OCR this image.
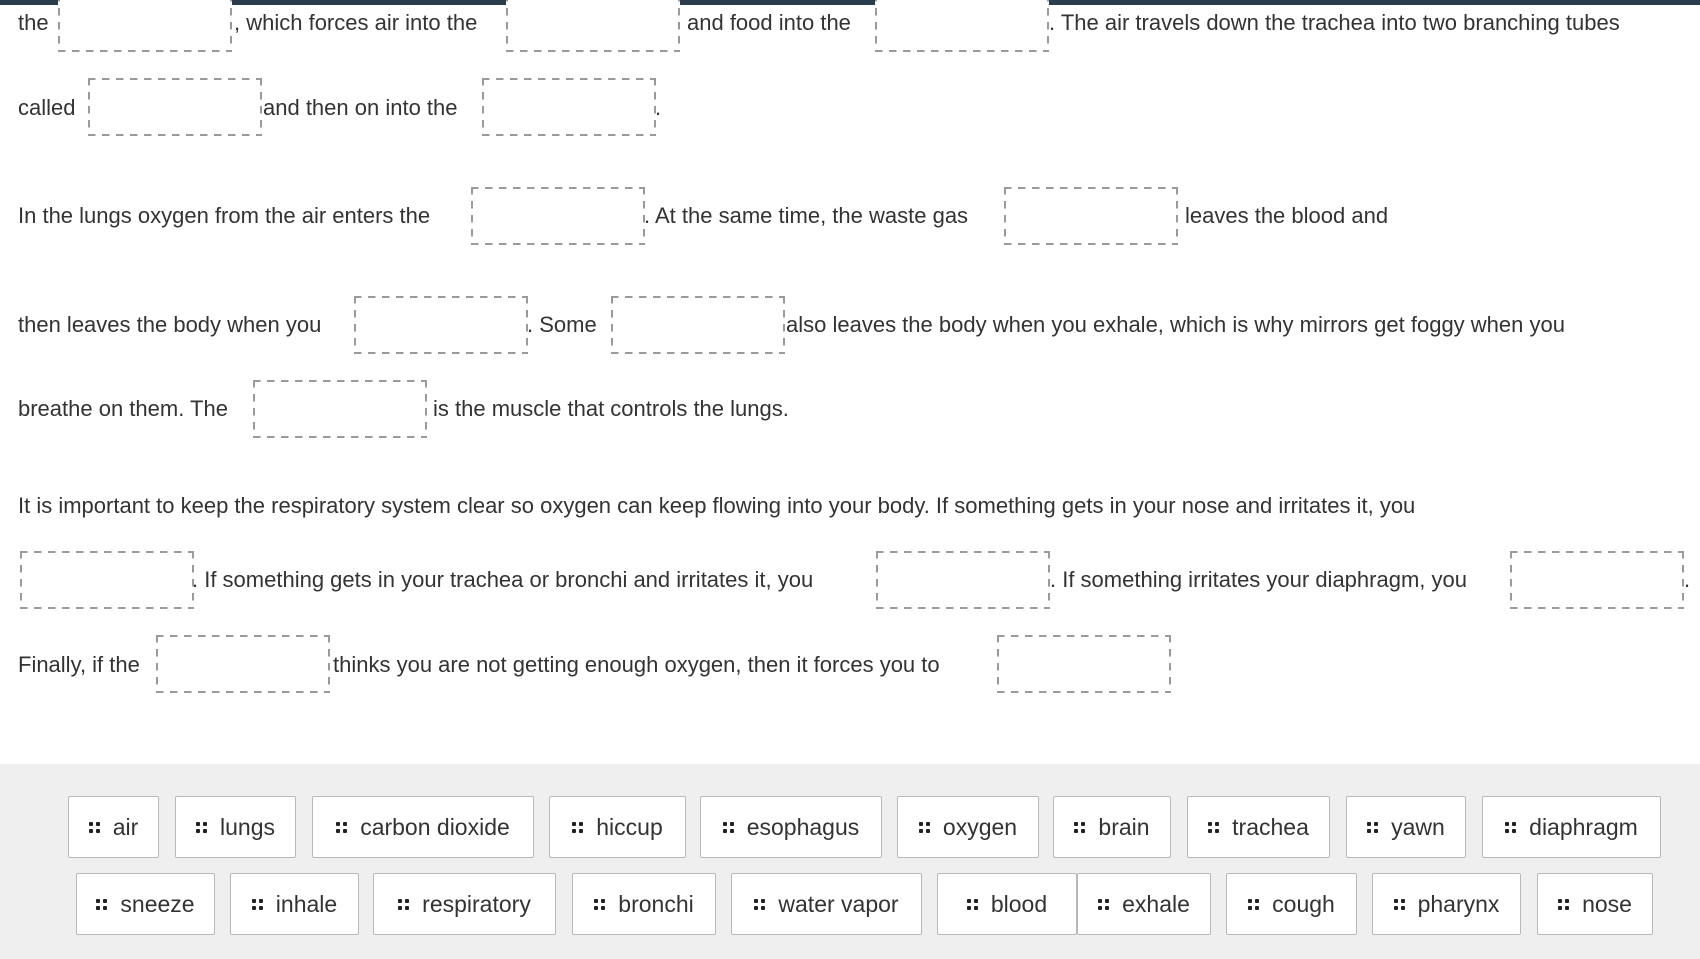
the	, which forces air into the	and food into the	. The air travels down the trachea into two branching tubes
called	and then on into the	.
In the lungs oxygen from the air enters the	. At the same time, the waste gas	leaves the blood and
then leaves the body when you	. Some	also leaves the body when you exhale, which is why mirrors get foggy when you
breathe on them. The	is the muscle that controls the lungs.
It is important to keep the respiratory system clear so oxygen can keep flowing into your body. If something gets in your nose and irritates it, you
. If something gets in your trachea or bronchi and irritates it, you	. If something irritates your diaphragm, you	.
Finally, if the	thinks you are not getting enough oxygen, then it forces you to
air	lungs	carbon dioxide	hiccup	esophagus	oxygen	brain	trachea	yawn	diaphragm
sneeze	inhale	respiratory	bronchi	water vapor	blood	exhale	cough	pharynx	nose
